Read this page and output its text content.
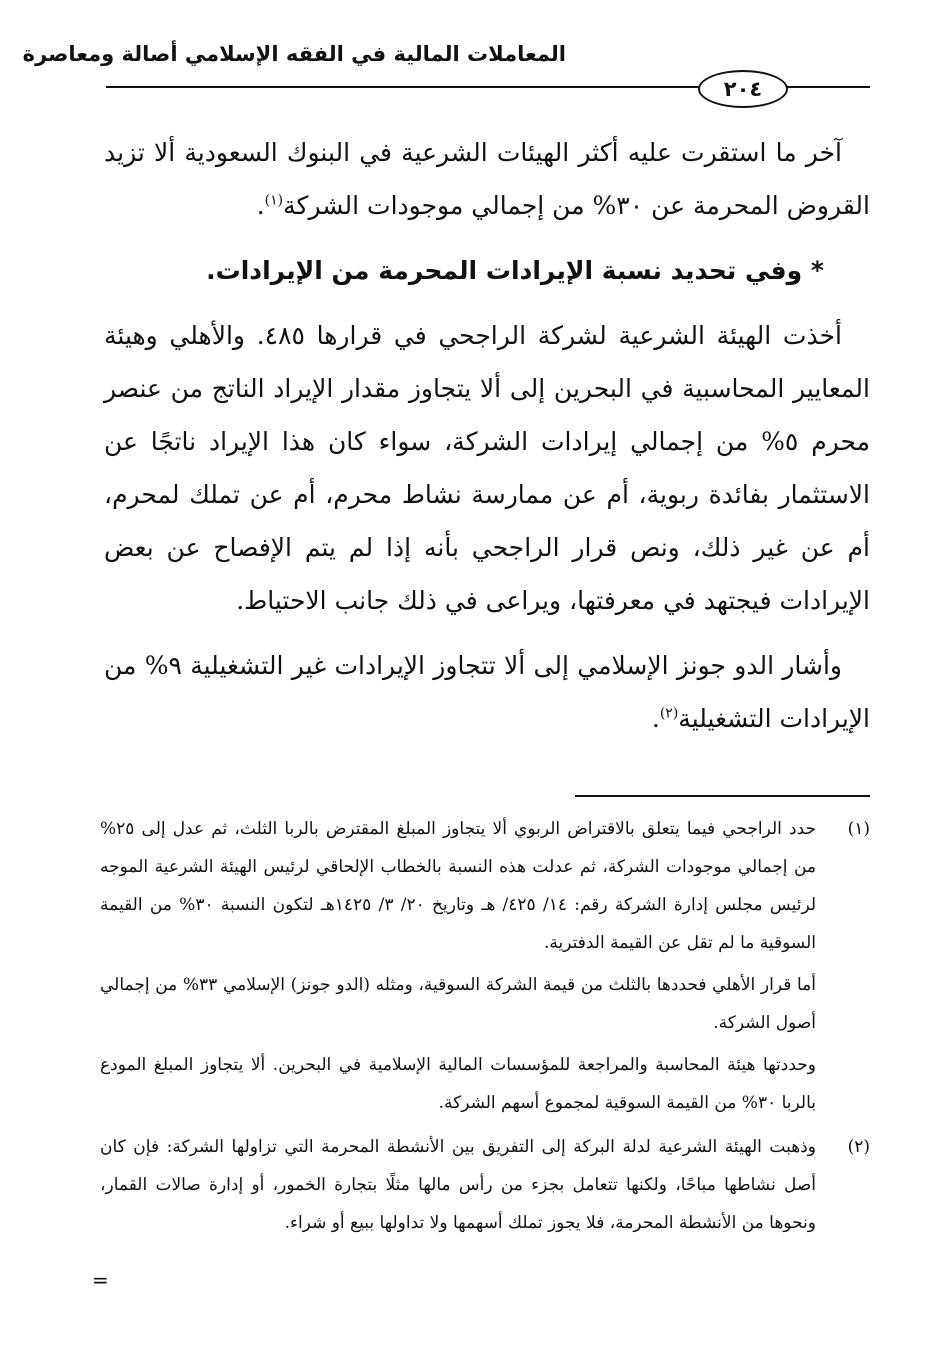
المعاملات المالية في الفقه الإسلامي أصالة ومعاصرة
٢٠٤

آخر ما استقرت عليه أكثر الهيئات الشرعية في البنوك السعودية ألا تزيد القروض المحرمة عن ٣٠% من إجمالي موجودات الشركة$^{(١)}$.

* وفي تحديد نسبة الإيرادات المحرمة من الإيرادات.

أخذت الهيئة الشرعية لشركة الراجحي في قرارها ٤٨٥. والأهلي وهيئة المعايير المحاسبية في البحرين إلى ألا يتجاوز مقدار الإيراد الناتج من عنصر محرم ٥% من إجمالي إيرادات الشركة، سواء كان هذا الإيراد ناتجًا عن الاستثمار بفائدة ربوية، أم عن ممارسة نشاط محرم، أم عن تملك لمحرم، أم عن غير ذلك، ونص قرار الراجحي بأنه إذا لم يتم الإفصاح عن بعض الإيرادات فيجتهد في معرفتها، ويراعى في ذلك جانب الاحتياط.

وأشار الدو جونز الإسلامي إلى ألا تتجاوز الإيرادات غير التشغيلية ٩% من الإيرادات التشغيلية$^{(٢)}$.

(١)

حدد الراجحي فيما يتعلق بالاقتراض الربوي ألا يتجاوز المبلغ المقترض بالربا الثلث، ثم عدل إلى ٢٥% من إجمالي موجودات الشركة، ثم عدلت هذه النسبة بالخطاب الإلحاقي لرئيس الهيئة الشرعية الموجه لرئيس مجلس إدارة الشركة رقم: ١٤/ ٤٢٥/ هـ وتاريخ ٢٠/ ٣/ ١٤٢٥هـ لتكون النسبة ٣٠% من القيمة السوقية ما لم تقل عن القيمة الدفترية.

أما قرار الأهلي فحددها بالثلث من قيمة الشركة السوقية، ومثله (الدو جونز) الإسلامي ٣٣% من إجمالي أصول الشركة.

وحددتها هيئة المحاسبة والمراجعة للمؤسسات المالية الإسلامية في البحرين. ألا يتجاوز المبلغ المودع بالربا ٣٠% من القيمة السوقية لمجموع أسهم الشركة.

(٢)

وذهبت الهيئة الشرعية لدلة البركة إلى التفريق بين الأنشطة المحرمة التي تزاولها الشركة: فإن كان أصل نشاطها مباحًا، ولكنها تتعامل بجزء من رأس مالها مثلًا بتجارة الخمور، أو إدارة صالات القمار، ونحوها من الأنشطة المحرمة، فلا يجوز تملك أسهمها ولا تداولها ببيع أو شراء.

=
